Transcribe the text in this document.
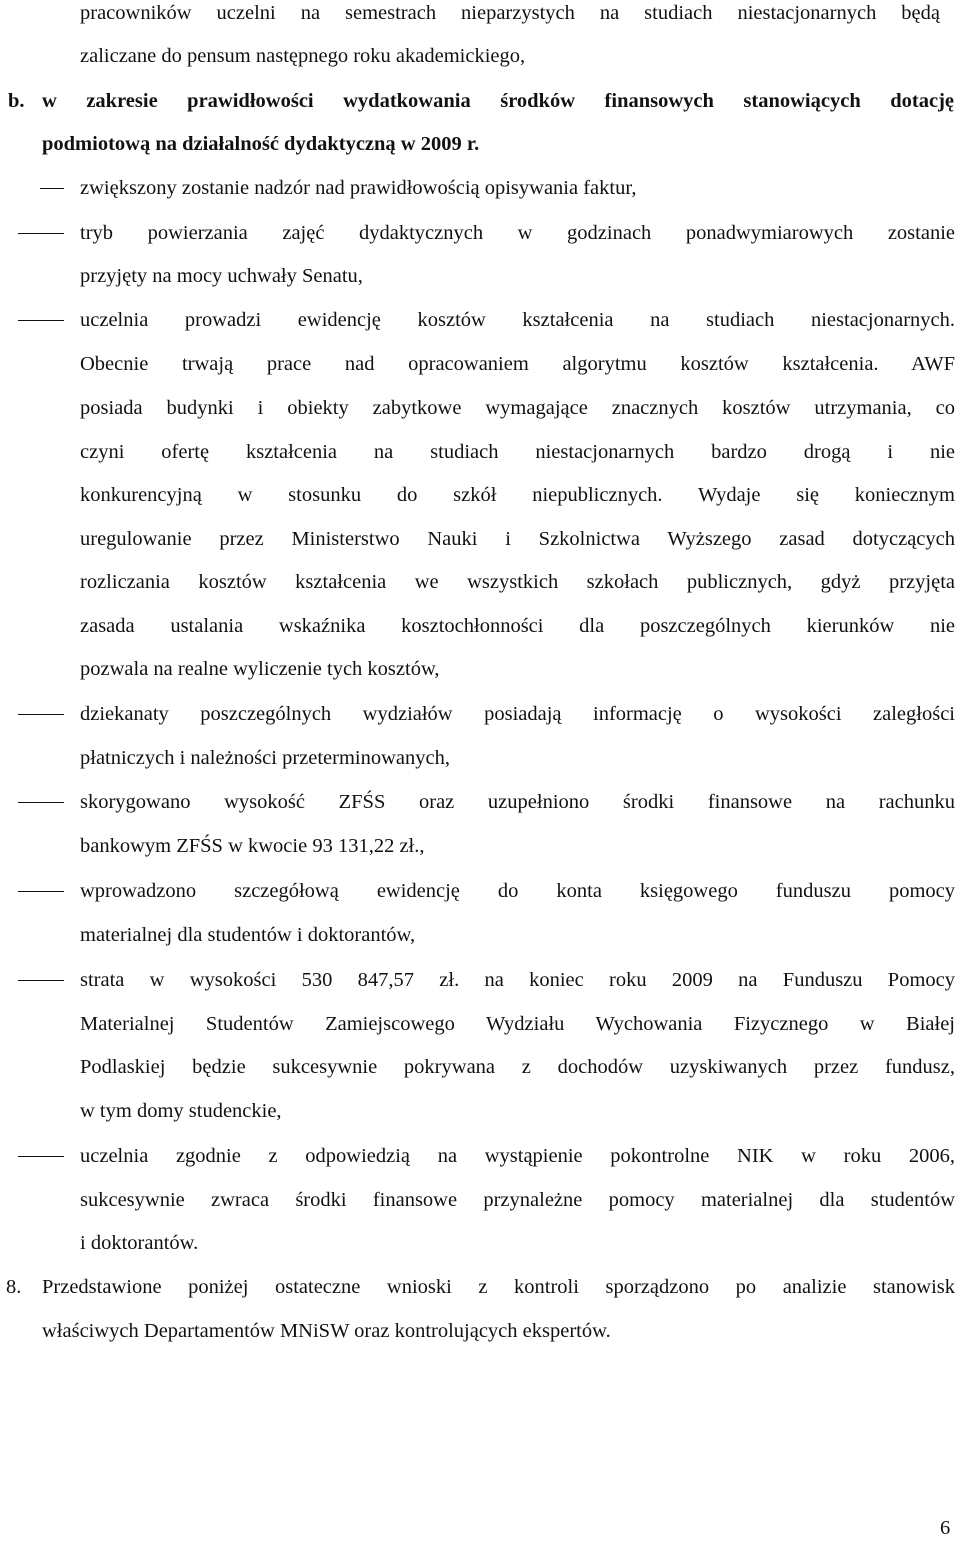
pracowników uczelni na semestrach nieparzystych na studiach niestacjonarnych będą
zaliczane do pensum następnego roku akademickiego,
b. w zakresie prawidłowości wydatkowania środków finansowych stanowiących dotację
podmiotową na działalność dydaktyczną w 2009 r.
zwiększony zostanie nadzór nad prawidłowością opisywania faktur,
tryb powierzania zajęć dydaktycznych w godzinach ponadwymiarowych zostanie
przyjęty na mocy uchwały Senatu,
uczelnia prowadzi ewidencję kosztów kształcenia na studiach niestacjonarnych.
Obecnie trwają prace nad opracowaniem algorytmu kosztów kształcenia. AWF
posiada budynki i obiekty zabytkowe wymagające znacznych kosztów utrzymania, co
czyni ofertę kształcenia na studiach niestacjonarnych bardzo drogą i nie
konkurencyjną w stosunku do szkół niepublicznych. Wydaje się koniecznym
uregulowanie przez Ministerstwo Nauki i Szkolnictwa Wyższego zasad dotyczących
rozliczania kosztów kształcenia we wszystkich szkołach publicznych, gdyż przyjęta
zasada ustalania wskaźnika kosztochłonności dla poszczególnych kierunków nie
pozwala na realne wyliczenie tych kosztów,
dziekanaty poszczególnych wydziałów posiadają informację o wysokości zaległości
płatniczych i należności przeterminowanych,
skorygowano wysokość ZFŚS oraz uzupełniono środki finansowe na rachunku
bankowym ZFŚS w kwocie 93 131,22 zł.,
wprowadzono szczegółową ewidencję do konta księgowego funduszu pomocy
materialnej dla studentów i doktorantów,
strata w wysokości 530 847,57 zł. na koniec roku 2009 na Funduszu Pomocy
Materialnej Studentów Zamiejscowego Wydziału Wychowania Fizycznego w Białej
Podlaskiej będzie sukcesywnie pokrywana z dochodów uzyskiwanych przez fundusz,
w tym domy studenckie,
uczelnia zgodnie z odpowiedzią na wystąpienie pokontrolne NIK w roku 2006,
sukcesywnie zwraca środki finansowe przynależne pomocy materialnej dla studentów
i doktorantów.
8. Przedstawione poniżej ostateczne wnioski z kontroli sporządzono po analizie stanowisk
właściwych Departamentów MNiSW oraz kontrolujących ekspertów.
6
